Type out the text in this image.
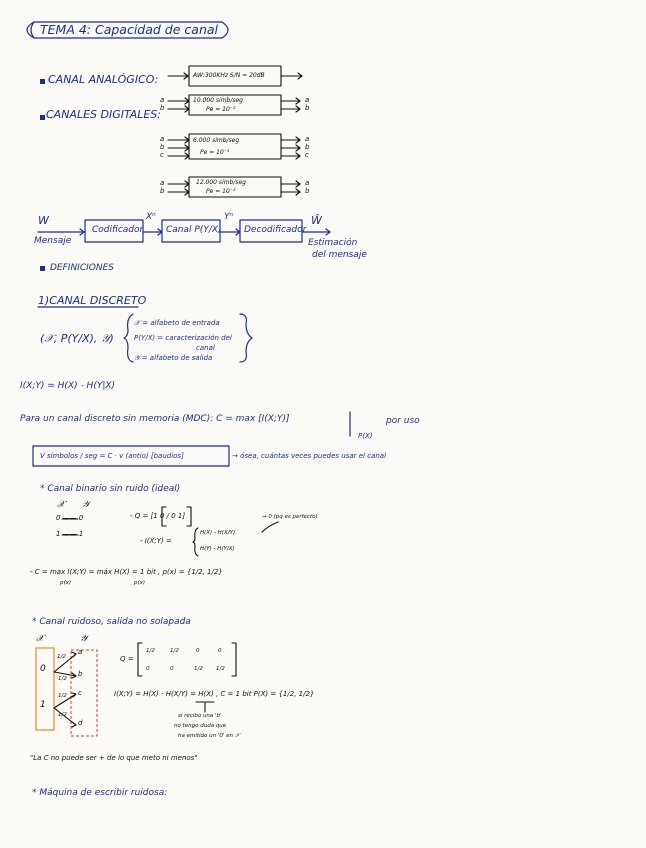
TEMA 4: Capacidad de canal
CANAL ANALÓGICO:	AW:300KHz S/N = 20dB
CANALES DIGITALES:
a
b
10.000 símb/seg
Pe = 10⁻²
a
b
a
b
c
6.000 símb/seg
Pe = 10⁻³
a
b
c
a
b
12.000 símb/seg
Pe = 10⁻²
a
b
W
Mensaje
Codificador
Xⁿ
Canal P(Y/X)
Yⁿ
Decodificador
Ŵ
Estimación
del mensaje
DEFINICIONES
1)CANAL DISCRETO
(𝒳, P(Y/X), 𝒴)
𝒳 = alfabeto de entrada
P(Y/X) = caracterización del
canal
𝒴 = alfabeto de salida
I(X;Y) = H(X) - H(Y|X)
Para un canal discreto sin memoria (MDC): C = max [I(X;Y)]
P(X)
por uso
V símbolos / seg = C · v (antio) [baudios]	→ ósea, cuántas veces puedes usar el canal
* Canal binario sin ruido (ideal)
𝒳 𝒴
0 —— 0
1 —— 1
- Q = [1 0 / 0 1]
- I(X;Y) =
H(X) - H(X/Y)
H(Y) - H(Y/X)
→ 0 (pq es perfecto)
- C = max I(X;Y) = máx H(X) = 1 bit , p(x) = {1/2, 1/2}
p(x)	p(x)
* Canal ruidoso, salida no solapada
𝒳	𝒴
0
1
a
b
c
d
1/2
1/2
1/2
1/2
Q =
1/2	1/2	0	0
0	0	1/2 1/2
I(X;Y) = H(X) - H(X/Y) = H(X) , C = 1 bit P(X) = {1/2, 1/2}
si recibo una 'b'
no tengo duda que
ha emitido un '0' en 𝒳
"La C no puede ser + de lo que meto ni menos"
* Máquina de escribir ruidosa:
